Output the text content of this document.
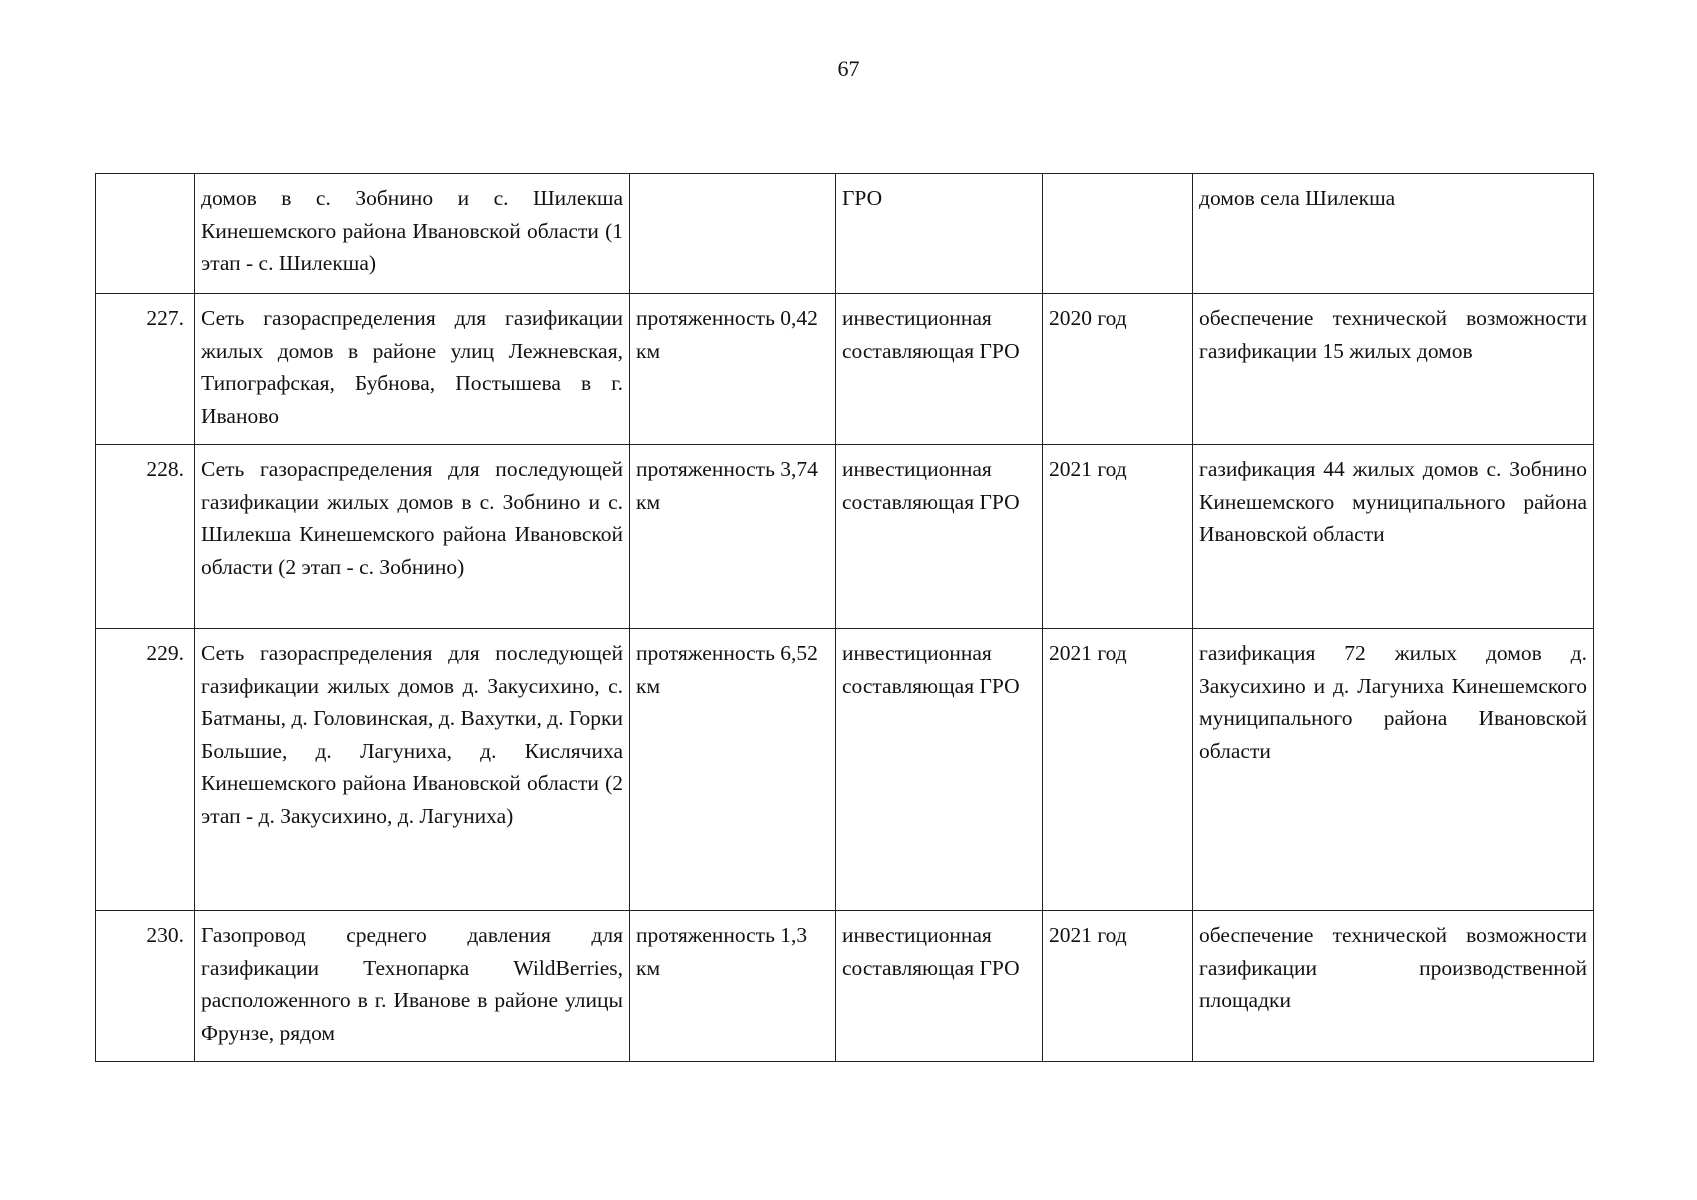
67
	домов в с. Зобнино и с. Шилекша Кинешемского района Ивановской области (1 этап - с. Шилекша)		ГРО		домов села Шилекша
227.	Сеть газораспределения для газификации жилых домов в районе улиц Лежневская, Типографская, Бубнова, Постышева в г. Иваново	протяженность 0,42 км	инвестиционная составляющая ГРО	2020 год	обеспечение технической возможности газификации 15 жилых домов
228.	Сеть газораспределения для последующей газификации жилых домов в с. Зобнино и с. Шилекша Кинешемского района Ивановской области (2 этап - с. Зобнино)	протяженность 3,74 км	инвестиционная составляющая ГРО	2021 год	газификация 44 жилых домов с. Зобнино Кинешемского муниципального района Ивановской области
229.	Сеть газораспределения для последующей газификации жилых домов д. Закусихино, с. Батманы, д. Головинская, д. Вахутки, д. Горки Большие, д. Лагуниха, д. Кислячиха Кинешемского района Ивановской области (2 этап - д. Закусихино, д. Лагуниха)	протяженность 6,52 км	инвестиционная составляющая ГРО	2021 год	газификация 72 жилых домов д. Закусихино и д. Лагуниха Кинешемского муниципального района Ивановской области
230.	Газопровод среднего давления для газификации Технопарка WildBerries, расположенного в г. Иванове в районе улицы Фрунзе, рядом	протяженность 1,3 км	инвестиционная составляющая ГРО	2021 год	обеспечение технической возможности газификации производственной площадки
